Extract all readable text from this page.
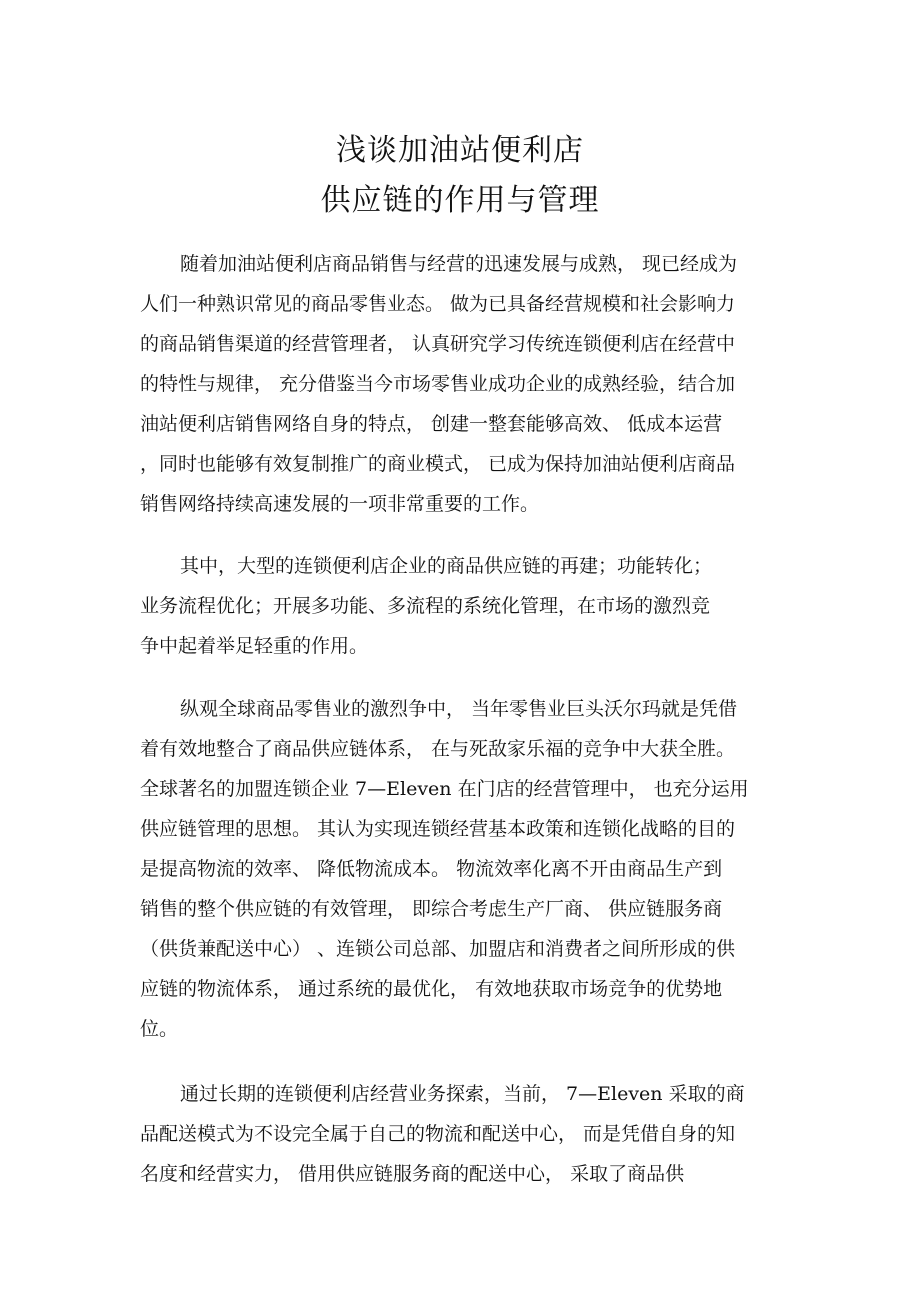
浅谈加油站便利店
供应链的作用与管理
随着加油站便利店商品销售与经营的迅速发展与成熟， 现已经成为
人们一种熟识常见的商品零售业态。 做为已具备经营规模和社会影响力
的商品销售渠道的经营管理者， 认真研究学习传统连锁便利店在经营中
的特性与规律， 充分借鉴当今市场零售业成功企业的成熟经验，结合加
油站便利店销售网络自身的特点， 创建一整套能够高效、 低成本运营
，同时也能够有效复制推广的商业模式， 已成为保持加油站便利店商品
销售网络持续高速发展的一项非常重要的工作。
其中，大型的连锁便利店企业的商品供应链的再建；功能转化；
业务流程优化；开展多功能、多流程的系统化管理，在市场的激烈竞
争中起着举足轻重的作用。
纵观全球商品零售业的激烈争中， 当年零售业巨头沃尔玛就是凭借
着有效地整合了商品供应链体系， 在与死敌家乐福的竞争中大获全胜。
全球著名的加盟连锁企业 7—Eleven 在门店的经营管理中， 也充分运用
供应链管理的思想。 其认为实现连锁经营基本政策和连锁化战略的目的
是提高物流的效率、 降低物流成本。 物流效率化离不开由商品生产到
销售的整个供应链的有效管理， 即综合考虑生产厂商、 供应链服务商
（供货兼配送中心） 、连锁公司总部、加盟店和消费者之间所形成的供
应链的物流体系， 通过系统的最优化， 有效地获取市场竞争的优势地
位。
通过长期的连锁便利店经营业务探索，当前， 7—Eleven 采取的商
品配送模式为不设完全属于自己的物流和配送中心， 而是凭借自身的知
名度和经营实力， 借用供应链服务商的配送中心， 采取了商品供
